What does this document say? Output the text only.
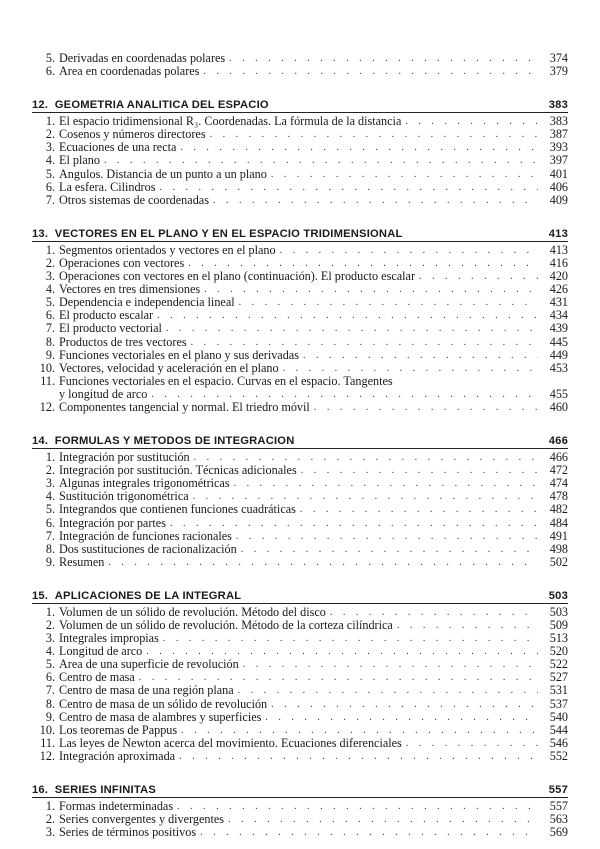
5. Derivadas en coordenadas polares . . .	374
6. Area en coordenadas polares . . .	379
12. GEOMETRIA ANALITICA DEL ESPACIO	383
1. El espacio tridimensional R₃. Coordenadas. La fórmula de la distancia . . .	383
2. Cosenos y números directores . . .	387
3. Ecuaciones de una recta . . .	393
4. El plano . . .	397
5. Angulos. Distancia de un punto a un plano . . .	401
6. La esfera. Cilindros . . .	406
7. Otros sistemas de coordenadas . . .	409
13. VECTORES EN EL PLANO Y EN EL ESPACIO TRIDIMENSIONAL	413
1. Segmentos orientados y vectores en el plano . . .	413
2. Operaciones con vectores . . .	416
3. Operaciones con vectores en el plano (continuación). El producto escalar . . .	420
4. Vectores en tres dimensiones . . .	426
5. Dependencia e independencia lineal . . .	431
6. El producto escalar . . .	434
7. El producto vectorial . . .	439
8. Productos de tres vectores . . .	445
9. Funciones vectoriales en el plano y sus derivadas . . .	449
10. Vectores, velocidad y aceleración en el plano . . .	453
11. Funciones vectoriales en el espacio. Curvas en el espacio. Tangentes
y longitud de arco . . .	455
12. Componentes tangencial y normal. El triedro móvil . . .	460
14. FORMULAS Y METODOS DE INTEGRACION	466
1. Integración por sustitución . . .	466
2. Integración por sustitución. Técnicas adicionales . . .	472
3. Algunas integrales trigonométricas . . .	474
4. Sustitución trigonométrica . . .	478
5. Integrandos que contienen funciones cuadráticas . . .	482
6. Integración por partes . . .	484
7. Integración de funciones racionales . . .	491
8. Dos sustituciones de racionalización . . .	498
9. Resumen . . .	502
15. APLICACIONES DE LA INTEGRAL	503
1. Volumen de un sólido de revolución. Método del disco . . .	503
2. Volumen de un sólido de revolución. Método de la corteza cilíndrica . . .	509
3. Integrales impropias . . .	513
4. Longitud de arco . . .	520
5. Area de una superficie de revolución . . .	522
6. Centro de masa . . .	527
7. Centro de masa de una región plana . . .	531
8. Centro de masa de un sólido de revolución . . .	537
9. Centro de masa de alambres y superficies . . .	540
10. Los teoremas de Pappus . . .	544
11. Las leyes de Newton acerca del movimiento. Ecuaciones diferenciales . . .	546
12. Integración aproximada . . .	552
16. SERIES INFINITAS	557
1. Formas indeterminadas . . .	557
2. Series convergentes y divergentes . . .	563
3. Series de términos positivos . . .	569
